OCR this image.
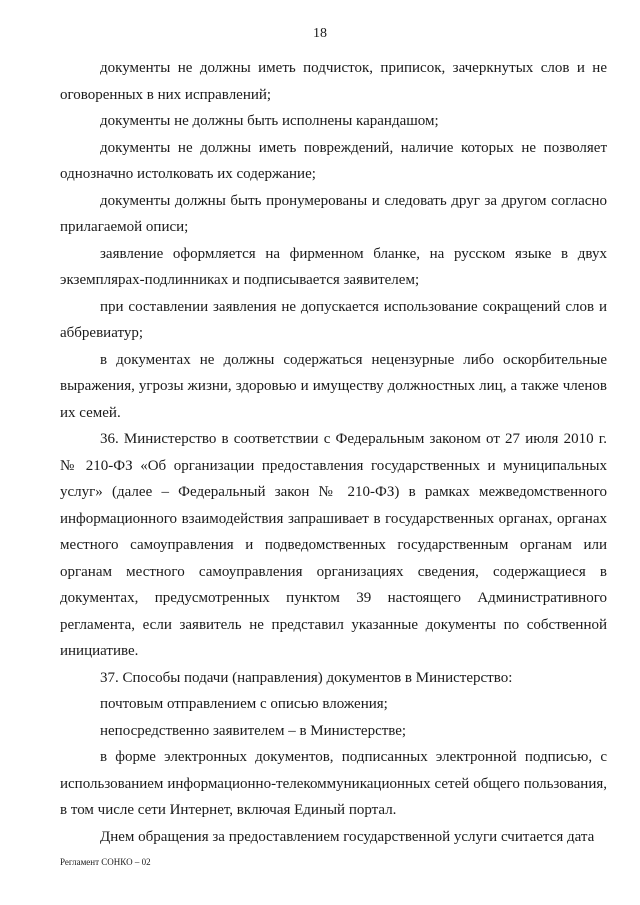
18

документы не должны иметь подчисток, приписок, зачеркнутых слов и не оговоренных в них исправлений;

документы не должны быть исполнены карандашом;

документы не должны иметь повреждений, наличие которых не позволяет однозначно истолковать их содержание;

документы должны быть пронумерованы и следовать друг за другом согласно прилагаемой описи;

заявление оформляется на фирменном бланке, на русском языке в двух экземплярах-подлинниках и подписывается заявителем;

при составлении заявления не допускается использование сокращений слов и аббревиатур;

в документах не должны содержаться нецензурные либо оскорбительные выражения, угрозы жизни, здоровью и имуществу должностных лиц, а также членов их семей.

36. Министерство в соответствии с Федеральным законом от 27 июля 2010 г. № 210-ФЗ «Об организации предоставления государственных и муниципальных услуг» (далее – Федеральный закон № 210-ФЗ) в рамках межведомственного информационного взаимодействия запрашивает в государственных органах, органах местного самоуправления и подведомственных государственным органам или органам местного самоуправления организациях сведения, содержащиеся в документах, предусмотренных пунктом 39 настоящего Административного регламента, если заявитель не представил указанные документы по собственной инициативе.

37. Способы подачи (направления) документов в Министерство:

почтовым отправлением с описью вложения;

непосредственно заявителем – в Министерстве;

в форме электронных документов, подписанных электронной подписью, с использованием информационно-телекоммуникационных сетей общего пользования, в том числе сети Интернет, включая Единый портал.

Днем обращения за предоставлением государственной услуги считается дата

Регламент СОНКО – 02
